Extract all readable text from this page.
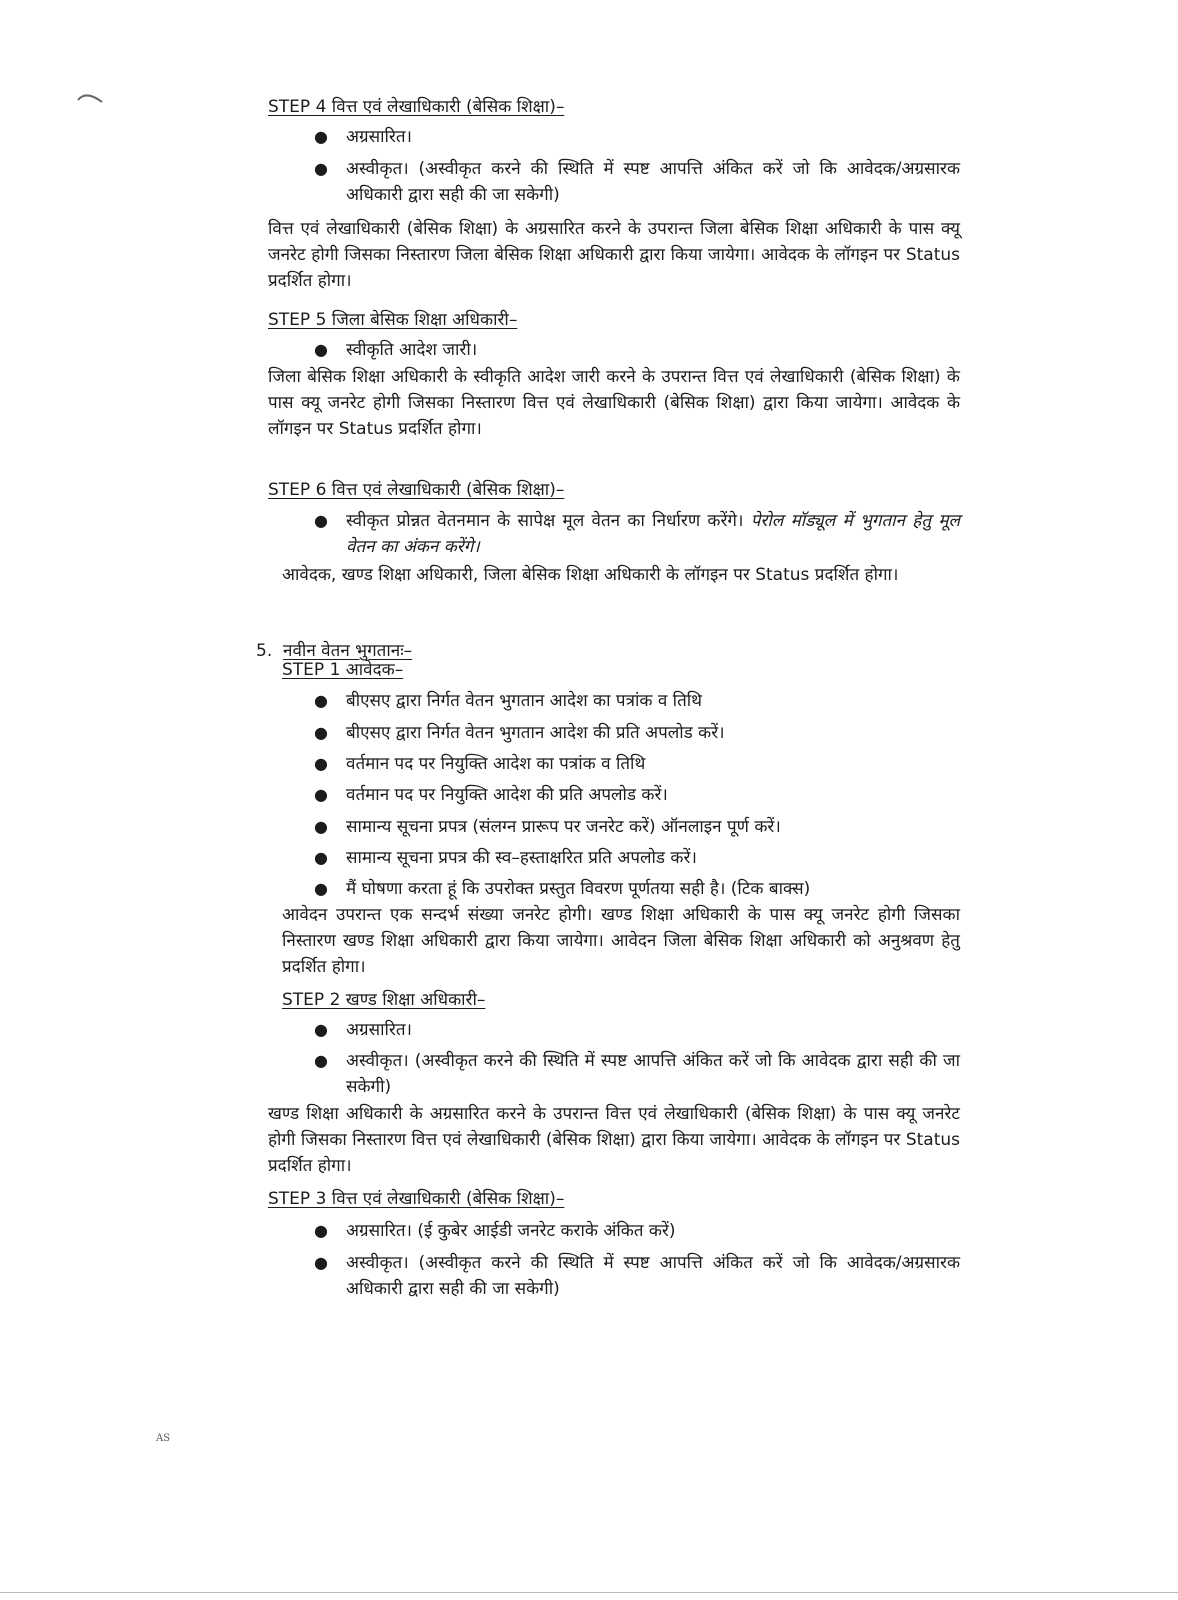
STEP 4 वित्त एवं लेखाधिकारी (बेसिक शिक्षा)–
●	अग्रसारित।
●	अस्वीकृत। (अस्वीकृत करने की स्थिति में स्पष्ट आपत्ति अंकित करें जो कि आवेदक/अग्रसारक अधिकारी द्वारा सही की जा सकेगी)
वित्त एवं लेखाधिकारी (बेसिक शिक्षा) के अग्रसारित करने के उपरान्त जिला बेसिक शिक्षा अधिकारी के पास क्यू जनरेट होगी जिसका निस्तारण जिला बेसिक शिक्षा अधिकारी द्वारा किया जायेगा। आवेदक के लॉगइन पर Status प्रदर्शित होगा।
STEP 5 जिला बेसिक शिक्षा अधिकारी–
●	स्वीकृति आदेश जारी।
जिला बेसिक शिक्षा अधिकारी के स्वीकृति आदेश जारी करने के उपरान्त वित्त एवं लेखाधिकारी (बेसिक शिक्षा) के पास क्यू जनरेट होगी जिसका निस्तारण वित्त एवं लेखाधिकारी (बेसिक शिक्षा) द्वारा किया जायेगा। आवेदक के लॉगइन पर Status प्रदर्शित होगा।
STEP 6 वित्त एवं लेखाधिकारी (बेसिक शिक्षा)–
●	स्वीकृत प्रोन्नत वेतनमान के सापेक्ष मूल वेतन का निर्धारण करेंगे। पेरोल मॉड्यूल में भुगतान हेतु मूल वेतन का अंकन करेंगे।
आवेदक, खण्ड शिक्षा अधिकारी, जिला बेसिक शिक्षा अधिकारी के लॉगइन पर Status प्रदर्शित होगा।
5. नवीन वेतन भुगतानः–
STEP 1 आवेदक–
●	बीएसए द्वारा निर्गत वेतन भुगतान आदेश का पत्रांक व तिथि
●	बीएसए द्वारा निर्गत वेतन भुगतान आदेश की प्रति अपलोड करें।
●	वर्तमान पद पर नियुक्ति आदेश का पत्रांक व तिथि
●	वर्तमान पद पर नियुक्ति आदेश की प्रति अपलोड करें।
●	सामान्य सूचना प्रपत्र (संलग्न प्रारूप पर जनरेट करें) ऑनलाइन पूर्ण करें।
●	सामान्य सूचना प्रपत्र की स्व–हस्ताक्षरित प्रति अपलोड करें।
●	मैं घोषणा करता हूं कि उपरोक्त प्रस्तुत विवरण पूर्णतया सही है। (टिक बाक्स)
आवेदन उपरान्त एक सन्दर्भ संख्या जनरेट होगी। खण्ड शिक्षा अधिकारी के पास क्यू जनरेट होगी जिसका निस्तारण खण्ड शिक्षा अधिकारी द्वारा किया जायेगा। आवेदन जिला बेसिक शिक्षा अधिकारी को अनुश्रवण हेतु प्रदर्शित होगा।
STEP 2 खण्ड शिक्षा अधिकारी–
●	अग्रसारित।
●	अस्वीकृत। (अस्वीकृत करने की स्थिति में स्पष्ट आपत्ति अंकित करें जो कि आवेदक द्वारा सही की जा सकेगी)
खण्ड शिक्षा अधिकारी के अग्रसारित करने के उपरान्त वित्त एवं लेखाधिकारी (बेसिक शिक्षा) के पास क्यू जनरेट होगी जिसका निस्तारण वित्त एवं लेखाधिकारी (बेसिक शिक्षा) द्वारा किया जायेगा। आवेदक के लॉगइन पर Status प्रदर्शित होगा।
STEP 3 वित्त एवं लेखाधिकारी (बेसिक शिक्षा)–
●	अग्रसारित। (ई कुबेर आईडी जनरेट कराके अंकित करें)
●	अस्वीकृत। (अस्वीकृत करने की स्थिति में स्पष्ट आपत्ति अंकित करें जो कि आवेदक/अग्रसारक अधिकारी द्वारा सही की जा सकेगी)
AS
